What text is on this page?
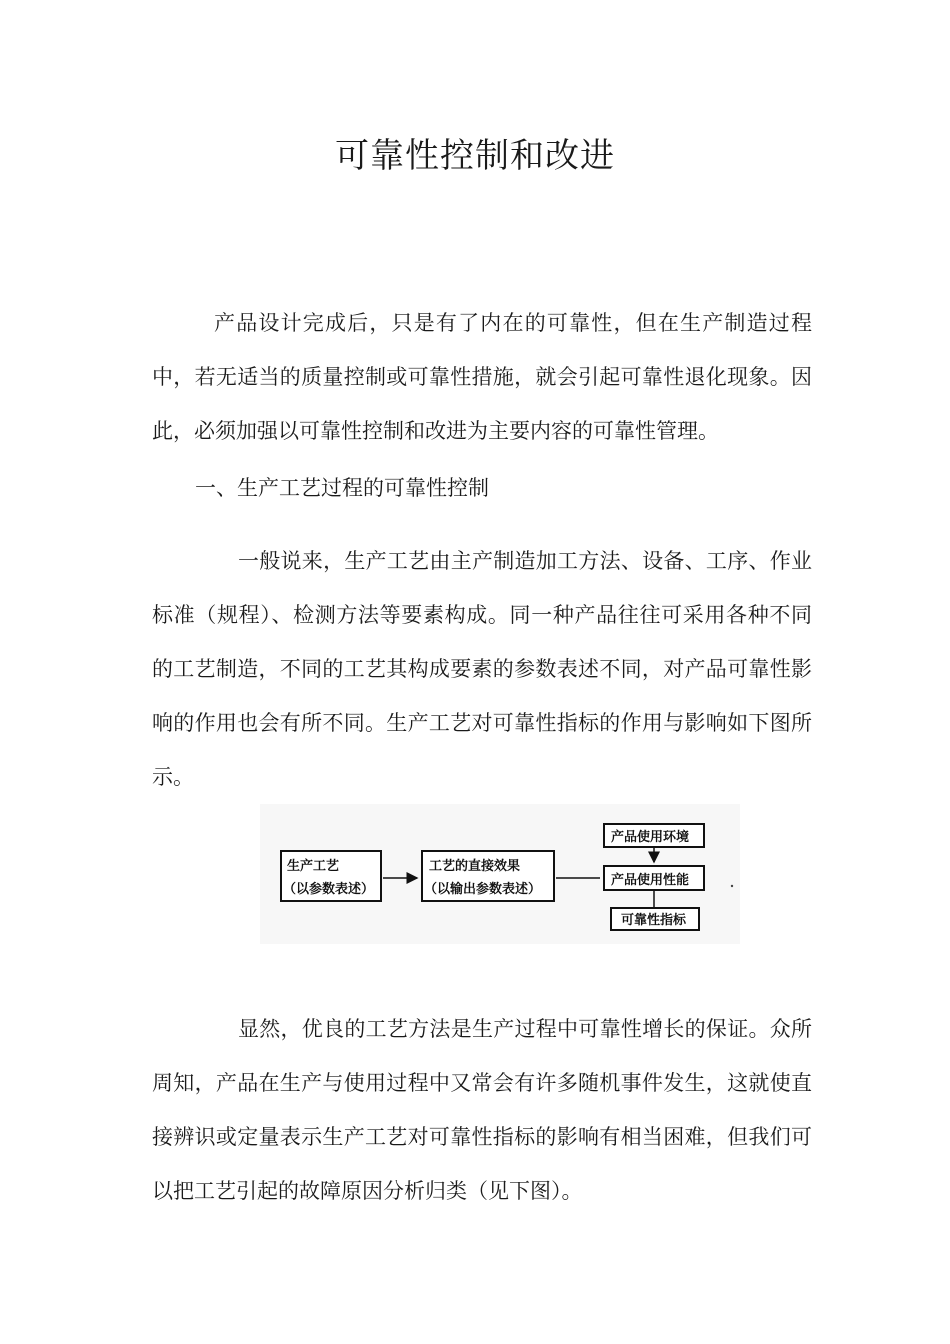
可靠性控制和改进

产品设计完成后，只是有了内在的可靠性，但在生产制造过程中，若无适当的质量控制或可靠性措施，就会引起可靠性退化现象。因此，必须加强以可靠性控制和改进为主要内容的可靠性管理。

一、生产工艺过程的可靠性控制

一般说来，生产工艺由主产制造加工方法、设备、工序、作业标准（规程）、检测方法等要素构成。同一种产品往往可采用各种不同的工艺制造，不同的工艺其构成要素的参数表述不同，对产品可靠性影响的作用也会有所不同。生产工艺对可靠性指标的作用与影响如下图所示。

生产工艺
（以参数表述）
工艺的直接效果
（以输出参数表述）
产品使用环境
产品使用性能
可靠性指标

显然，优良的工艺方法是生产过程中可靠性增长的保证。众所周知，产品在生产与使用过程中又常会有许多随机事件发生，这就使直接辨识或定量表示生产工艺对可靠性指标的影响有相当困难，但我们可以把工艺引起的故障原因分析归类（见下图）。
